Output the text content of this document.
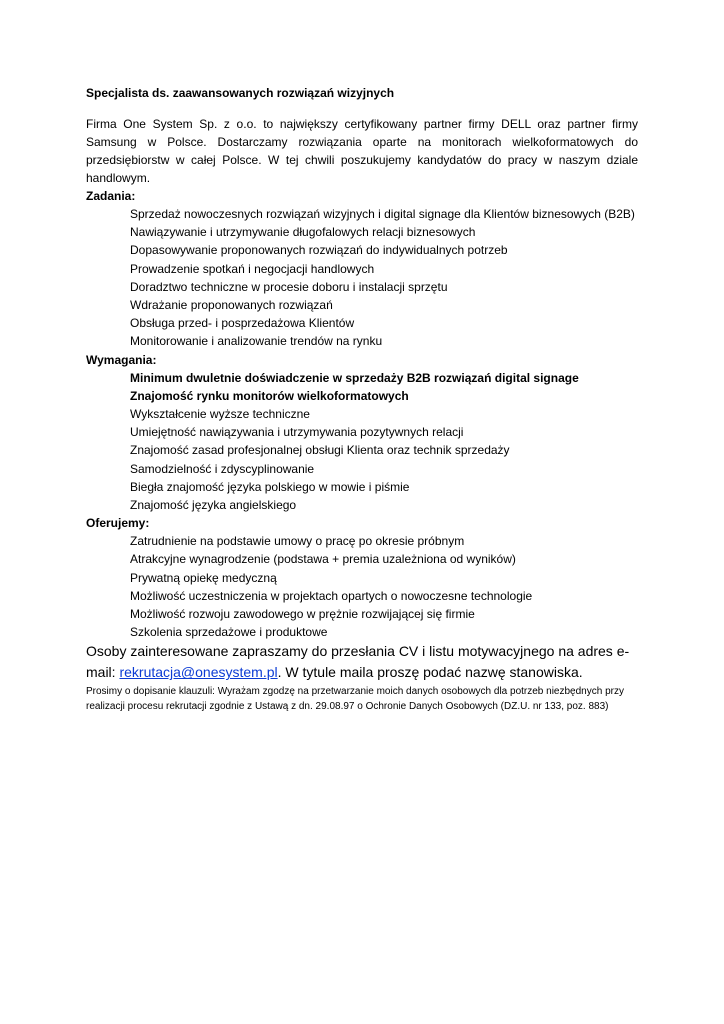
Specjalista ds. zaawansowanych rozwiązań wizyjnych

Firma One System Sp. z o.o. to największy certyfikowany partner firmy DELL oraz partner firmy Samsung w Polsce. Dostarczamy rozwiązania oparte na monitorach wielkoformatowych do przedsiębiorstw w całej Polsce. W tej chwili poszukujemy kandydatów do pracy w naszym dziale handlowym.

Zadania:
Sprzedaż nowoczesnych rozwiązań wizyjnych i digital signage dla Klientów biznesowych (B2B)
Nawiązywanie i utrzymywanie długofalowych relacji biznesowych
Dopasowywanie proponowanych rozwiązań do indywidualnych potrzeb
Prowadzenie spotkań i negocjacji handlowych
Doradztwo techniczne w procesie doboru i instalacji sprzętu
Wdrażanie proponowanych rozwiązań
Obsługa przed- i posprzedażowa Klientów
Monitorowanie i analizowanie trendów na rynku
Wymagania:
Minimum dwuletnie doświadczenie w sprzedaży B2B rozwiązań digital signage
Znajomość rynku monitorów wielkoformatowych
Wykształcenie wyższe techniczne
Umiejętność nawiązywania i utrzymywania pozytywnych relacji
Znajomość zasad profesjonalnej obsługi Klienta oraz technik sprzedaży
Samodzielność i zdyscyplinowanie
Biegła znajomość języka polskiego w mowie i piśmie
Znajomość języka angielskiego
Oferujemy:
Zatrudnienie na podstawie umowy o pracę po okresie próbnym
Atrakcyjne wynagrodzenie (podstawa + premia uzależniona od wyników)
Prywatną opiekę medyczną
Możliwość uczestniczenia w projektach opartych o nowoczesne technologie
Możliwość rozwoju zawodowego w prężnie rozwijającej się firmie
Szkolenia sprzedażowe i produktowe

Osoby zainteresowane zapraszamy do przesłania CV i listu motywacyjnego na adres e-mail: rekrutacja@onesystem.pl. W tytule maila proszę podać nazwę stanowiska.

Prosimy o dopisanie klauzuli: Wyrażam zgodzę na przetwarzanie moich danych osobowych dla potrzeb niezbędnych przy realizacji procesu rekrutacji zgodnie z Ustawą z dn. 29.08.97 o Ochronie Danych Osobowych (DZ.U. nr 133, poz. 883)
